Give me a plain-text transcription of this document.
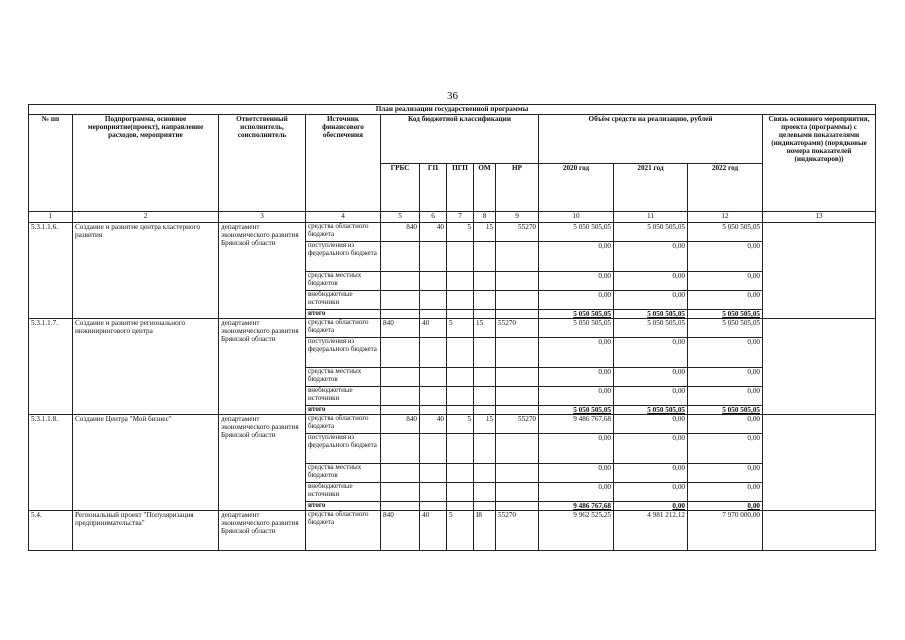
36
План реализации государственной программы												
№ пп	Подпрограмма, основное мероприятие(проект), направление расходов, мероприятие	Ответственный исполнитель, соисполнитель	Источник финансового обеспечения	Код бюджетной классификации					Объём средств на реализацию, рублей			Связь основного мероприятия, проекта (программы) с целевыми показателями (индикаторами) (порядковые номера показателей (индикаторов))
				ГРБС	ГП	ПГП	ОМ	НР	2020 год	2021 год	2022 год	
1	2	3	4	5	6	7	8	9	10	11	12	13
5.3.1.1.6.	Создание и развитие центра кластерного развития	департамент экономического развития Брянской области	средства областного бюджета	840	40	5	15	55270	5 050 505,05	5 050 505,05	5 050 505,05	
			поступления из федерального бюджета						0,00	0,00	0,00	
			средства местных бюджетов						0,00	0,00	0,00	
			внебюджетные источники						0,00	0,00	0,00	
			итого						5 050 505,05	5 050 505,05	5 050 505,05	
5.3.1.1.7.	Создание и развитие регионального инжинирингового центра	департамент экономического развития Брянской области	средства областного бюджета	840	40	5	15	55270	5 050 505,05	5 050 505,05	5 050 505,05	
			поступления из федерального бюджета						0,00	0,00	0,00	
			средства местных бюджетов						0,00	0,00	0,00	
			внебюджетные источники						0,00	0,00	0,00	
			итого						5 050 505,05	5 050 505,05	5 050 505,05	
5.3.1.1.8.	Создание Центра "Мой бизнес"	департамент экономического развития Брянской области	средства областного бюджета	840	40	5	15	55270	9 486 767,68	0,00	0,00	
			поступления из федерального бюджета						0,00	0,00	0,00	
			средства местных бюджетов						0,00	0,00	0,00	
			внебюджетные источники						0,00	0,00	0,00	
			итого						9 486 767,68	0,00	0,00	
5.4.	Региональный проект "Популяризация предпринимательства"	департамент экономического развития Брянской области	средства областного бюджета	840	40	5	I8	55270	9 962 525,25	4 981 212,12	7 970 000,00	
